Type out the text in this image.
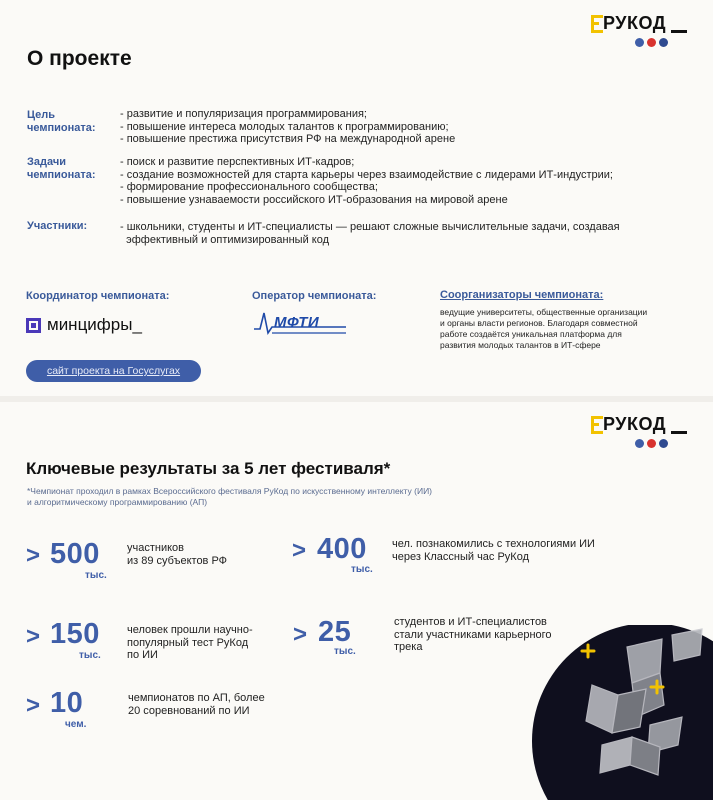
РУКОД
О проекте
Цель
чемпионата:
- развитие и популяризация программирования;
- повышение интереса молодых талантов к программированию;
- повышение престижа присутствия РФ на международной арене
Задачи
чемпионата:
- поиск и развитие перспективных ИТ-кадров;
- создание возможностей для старта карьеры через взаимодействие с лидерами ИТ-индустрии;
- формирование профессионального сообщества;
- повышение узнаваемости российского ИТ-образования на мировой арене
Участники:	- школьники, студенты и ИТ-специалисты — решают сложные вычислительные задачи, создавая
эффективный и оптимизированный код
Координатор чемпионата:
минцифры_
Оператор чемпионата:
МФТИ
Соорганизаторы чемпионата:
ведущие университеты, общественные организации
и органы власти регионов. Благодаря совместной
работе создаётся уникальная платформа для
развития молодых талантов в ИТ-сфере
сайт проекта на Госуслугах
РУКОД
Ключевые результаты за 5 лет фестиваля*
*Чемпионат проходил в рамках Всероссийского фестиваля РуКод по искусственному интеллекту (ИИ)
и алгоритмическому программированию (АП)
> 500
тыс.
участников
из 89 субъектов РФ	> 400
тыс.
чел. познакомились с технологиями ИИ
через Классный час РуКод
> 150
тыс.
человек прошли научно-
популярный тест РуКод
по ИИ
> 25
тыс.
студентов и ИТ-специалистов
стали участниками карьерного
трека
> 10
чем.
чемпионатов по АП, более
20 соревнований по ИИ
